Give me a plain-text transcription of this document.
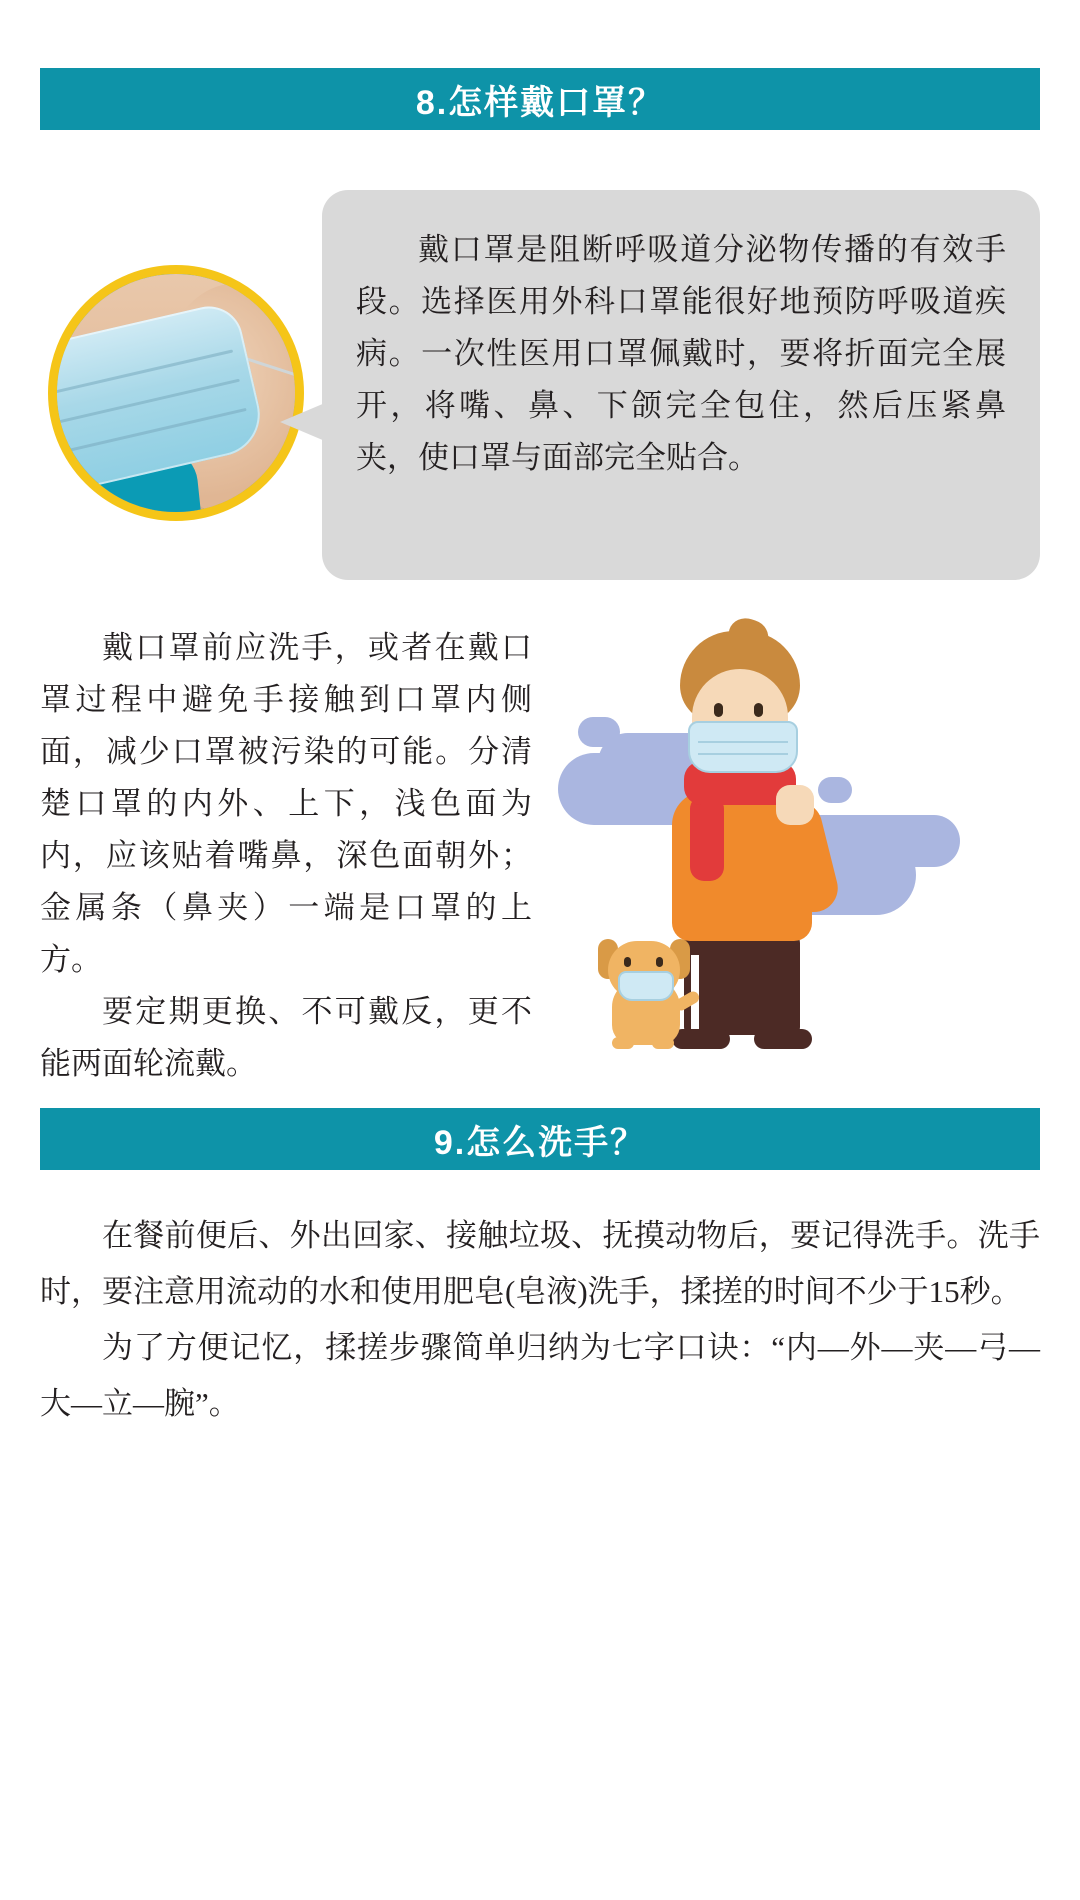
8.怎样戴口罩？
戴口罩是阻断呼吸道分泌物传播的有效手段。选择医用外科口罩能很好地预防呼吸道疾病。一次性医用口罩佩戴时，要将折面完全展开，将嘴、鼻、下颌完全包住，然后压紧鼻夹，使口罩与面部完全贴合。

戴口罩前应洗手，或者在戴口罩过程中避免手接触到口罩内侧面，减少口罩被污染的可能。分清楚口罩的内外、上下，浅色面为内，应该贴着嘴鼻，深色面朝外；金属条（鼻夹）一端是口罩的上方。

要定期更换、不可戴反，更不能两面轮流戴。

9.怎么洗手？

在餐前便后、外出回家、接触垃圾、抚摸动物后，要记得洗手。洗手时，要注意用流动的水和使用肥皂(皂液)洗手，揉搓的时间不少于15秒。

为了方便记忆，揉搓步骤简单归纳为七字口诀：“内—外—夹—弓—大—立—腕”。
